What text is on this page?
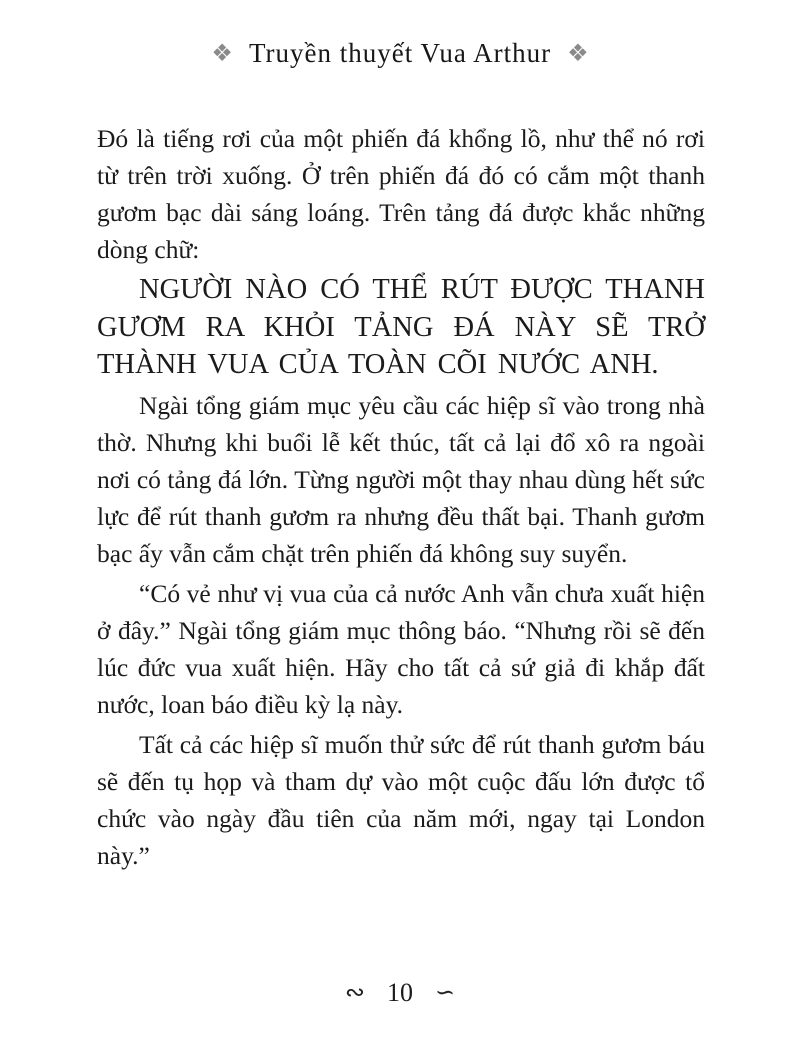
❖ Truyền thuyết Vua Arthur ❖

Đó là tiếng rơi của một phiến đá khổng lồ, như thể nó rơi từ trên trời xuống. Ở trên phiến đá đó có cắm một thanh gươm bạc dài sáng loáng. Trên tảng đá được khắc những dòng chữ:

NGƯỜI NÀO CÓ THỂ RÚT ĐƯỢC THANH GƯƠM RA KHỎI TẢNG ĐÁ NÀY SẼ TRỞ THÀNH VUA CỦA TOÀN CÕI NƯỚC ANH.

Ngài tổng giám mục yêu cầu các hiệp sĩ vào trong nhà thờ. Nhưng khi buổi lễ kết thúc, tất cả lại đổ xô ra ngoài nơi có tảng đá lớn. Từng người một thay nhau dùng hết sức lực để rút thanh gươm ra nhưng đều thất bại. Thanh gươm bạc ấy vẫn cắm chặt trên phiến đá không suy suyển.

“Có vẻ như vị vua của cả nước Anh vẫn chưa xuất hiện ở đây.” Ngài tổng giám mục thông báo. “Nhưng rồi sẽ đến lúc đức vua xuất hiện. Hãy cho tất cả sứ giả đi khắp đất nước, loan báo điều kỳ lạ này.

Tất cả các hiệp sĩ muốn thử sức để rút thanh gươm báu sẽ đến tụ họp và tham dự vào một cuộc đấu lớn được tổ chức vào ngày đầu tiên của năm mới, ngay tại London này.”

∾ 10 ∽
